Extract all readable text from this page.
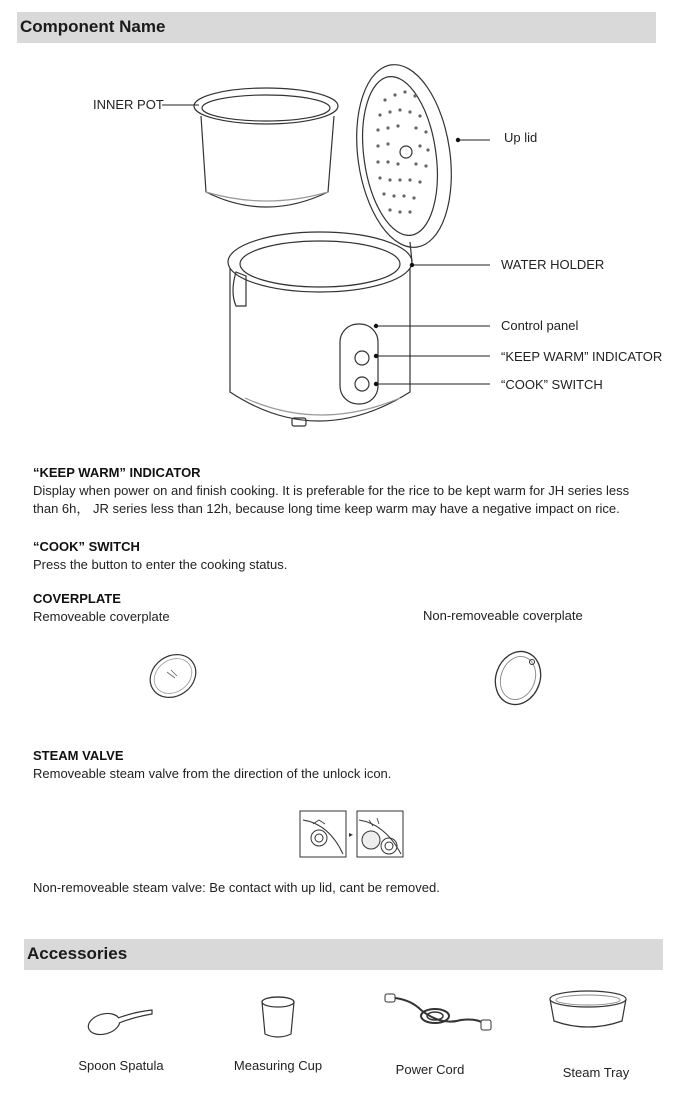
Component Name
INNER POT
Up lid
WATER HOLDER
Control panel
“KEEP WARM” INDICATOR
“COOK” SWITCH
“KEEP WARM” INDICATOR
Display when power on and finish cooking. It is preferable for the rice to be kept warm for JH series less
than 6h， JR series less than 12h, because long time keep warm may have a negative impact on rice.
“COOK” SWITCH
Press the button to enter the cooking status.
COVERPLATE
Removeable coverplate	Non-removeable coverplate
STEAM VALVE
Removeable steam valve from the direction of the unlock icon.
▸
Non-removeable steam valve: Be contact with up lid, cant be removed.
Accessories
Spoon Spatula	Measuring Cup	Power Cord	Steam Tray
